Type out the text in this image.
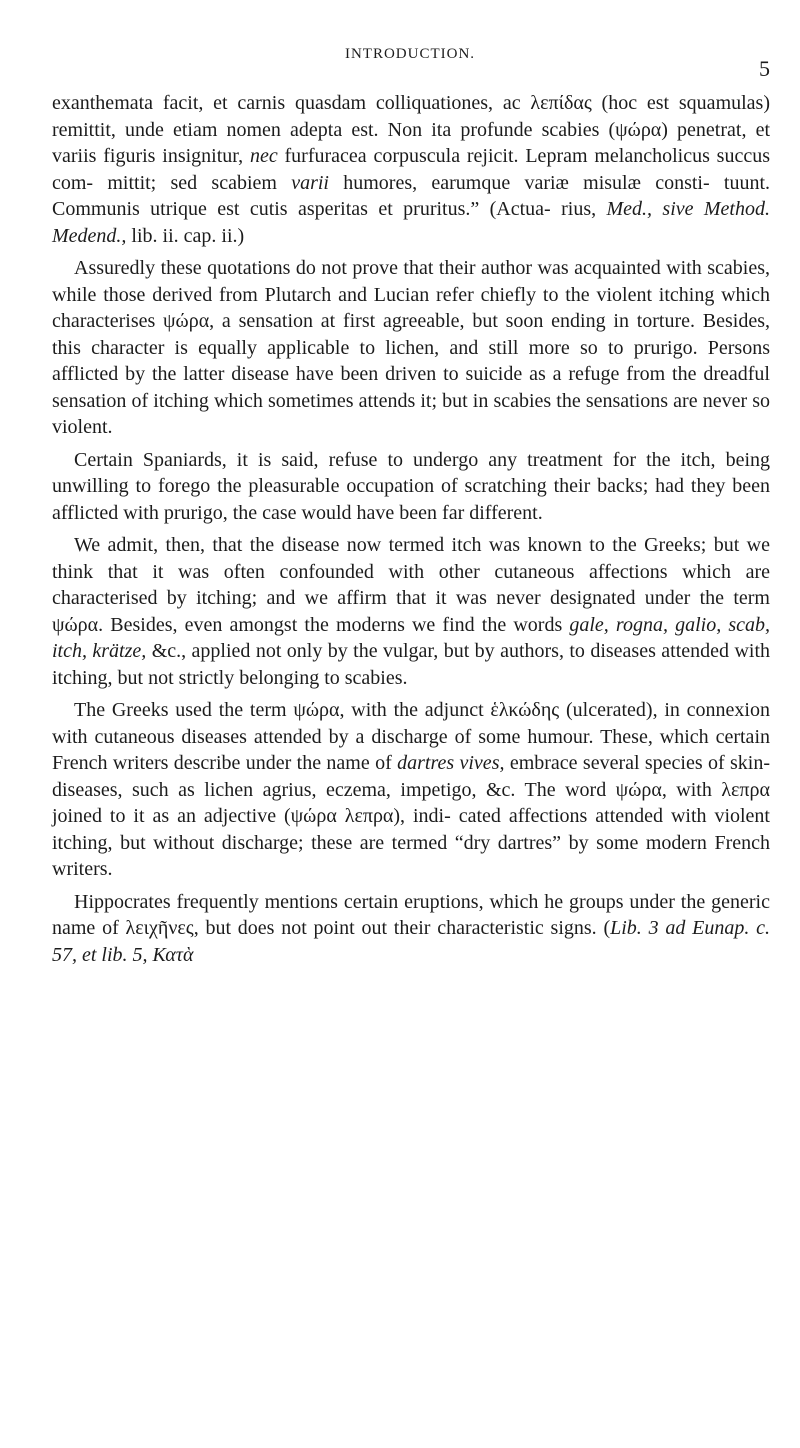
INTRODUCTION.
5

exanthemata facit, et carnis quasdam colliquationes, ac λεπίδας (hoc est squamulas) remittit, unde etiam nomen adepta est. Non ita profunde scabies (ψώρα) penetrat, et variis figuris insignitur, nec furfuracea corpuscula rejicit. Lepram melancholicus succus com- mittit; sed scabiem varii humores, earumque variæ misulæ consti- tuunt. Communis utrique est cutis asperitas et pruritus.” (Actua- rius, Med., sive Method. Medend., lib. ii. cap. ii.)

Assuredly these quotations do not prove that their author was acquainted with scabies, while those derived from Plutarch and Lucian refer chiefly to the violent itching which characterises ψώρα, a sensation at first agreeable, but soon ending in torture. Besides, this character is equally applicable to lichen, and still more so to prurigo. Persons afflicted by the latter disease have been driven to suicide as a refuge from the dreadful sensation of itching which sometimes attends it; but in scabies the sensations are never so violent.

Certain Spaniards, it is said, refuse to undergo any treatment for the itch, being unwilling to forego the pleasurable occupation of scratching their backs; had they been afflicted with prurigo, the case would have been far different.

We admit, then, that the disease now termed itch was known to the Greeks; but we think that it was often confounded with other cutaneous affections which are characterised by itching; and we affirm that it was never designated under the term ψώρα. Besides, even amongst the moderns we find the words gale, rogna, galio, scab, itch, krätze, &c., applied not only by the vulgar, but by authors, to diseases attended with itching, but not strictly belonging to scabies.

The Greeks used the term ψώρα, with the adjunct ἑλκώδης (ulcerated), in connexion with cutaneous diseases attended by a discharge of some humour. These, which certain French writers describe under the name of dartres vives, embrace several species of skin-diseases, such as lichen agrius, eczema, impetigo, &c. The word ψώρα, with λεπρα joined to it as an adjective (ψώρα λεπρα), indi- cated affections attended with violent itching, but without discharge; these are termed “dry dartres” by some modern French writers.

Hippocrates frequently mentions certain eruptions, which he groups under the generic name of λειχῆνες, but does not point out their characteristic signs. (Lib. 3 ad Eunap. c. 57, et lib. 5, Κατὰ
